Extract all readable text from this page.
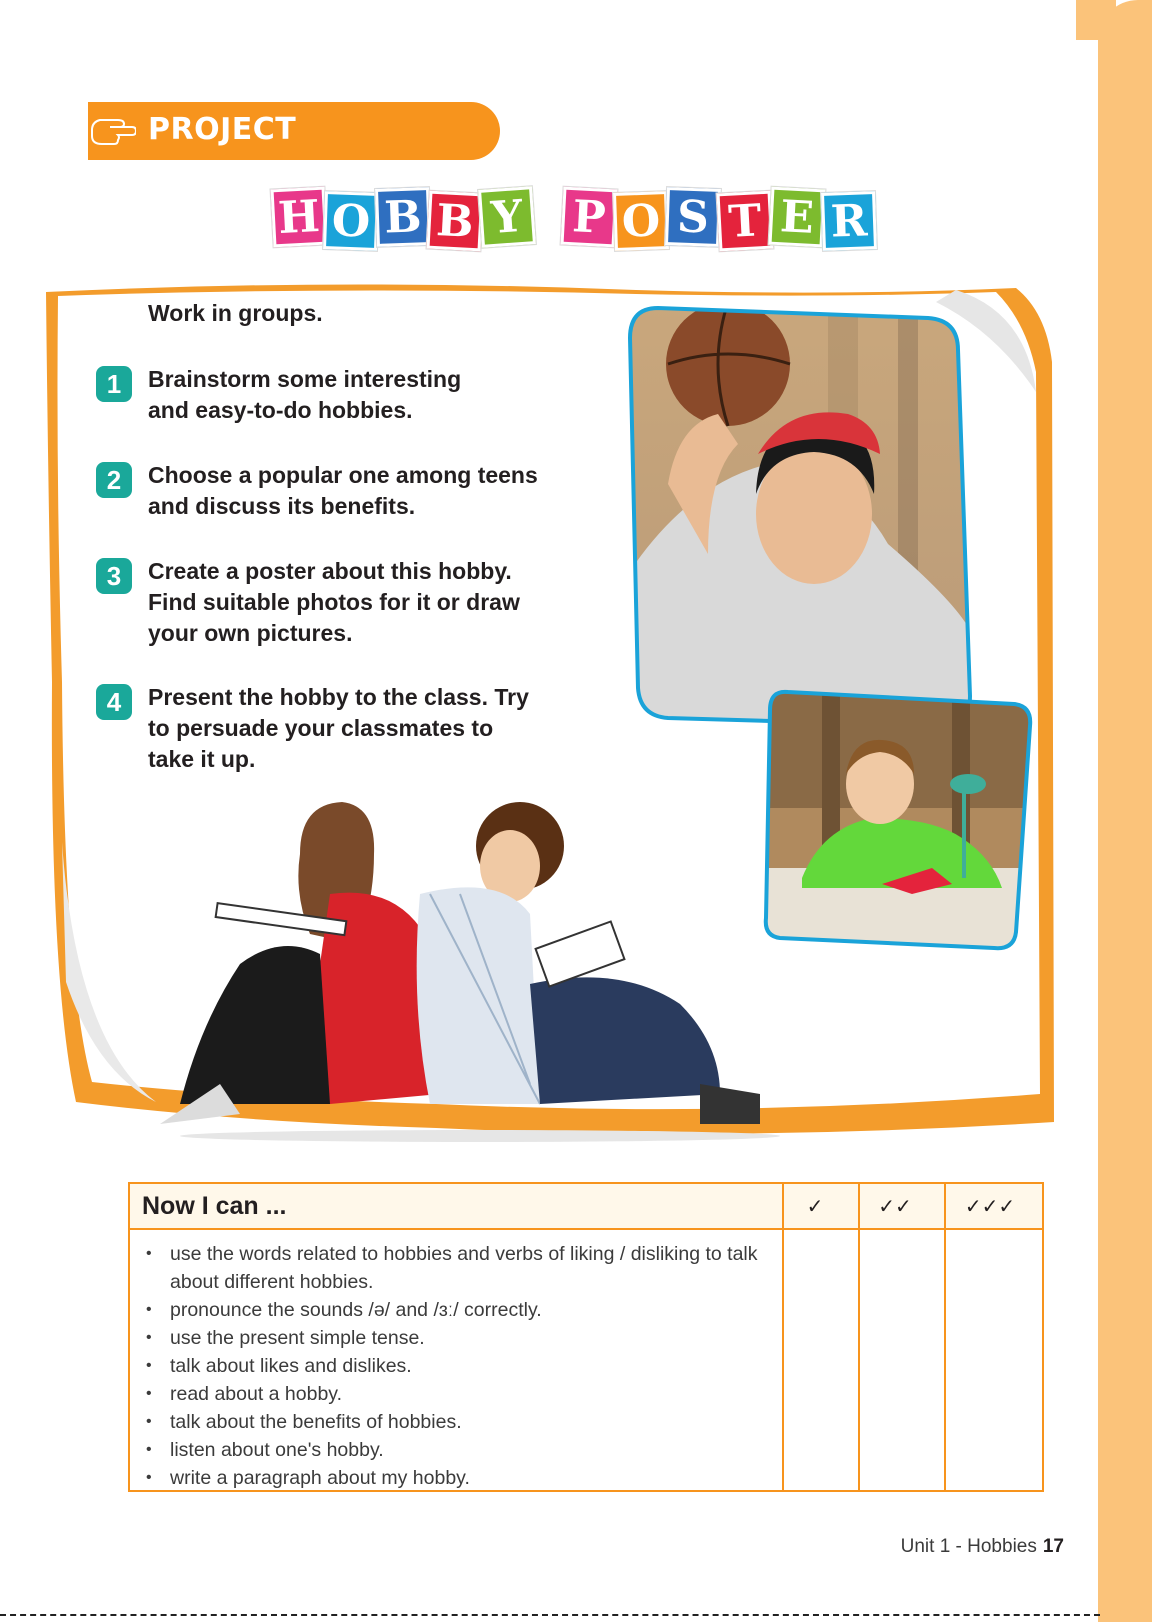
PROJECT
H O B B Y P O S T E R
Work in groups.
1	Brainstorm some interesting
and easy-to-do hobbies.
2	Choose a popular one among teens
and discuss its benefits.
3	Create a poster about this hobby.
Find suitable photos for it or draw
your own pictures.
4	Present the hobby to the class. Try
to persuade your classmates to
take it up.
Now I can ...	✓	✓✓	✓✓✓
• use the words related to hobbies and verbs of liking / disliking to talk about different hobbies.
• pronounce the sounds /ə/ and /ɜː/ correctly.
• use the present simple tense.
• talk about likes and dislikes.
• read about a hobby.
• talk about the benefits of hobbies.
• listen about one's hobby.
• write a paragraph about my hobby.
Unit 1 - Hobbies 17
